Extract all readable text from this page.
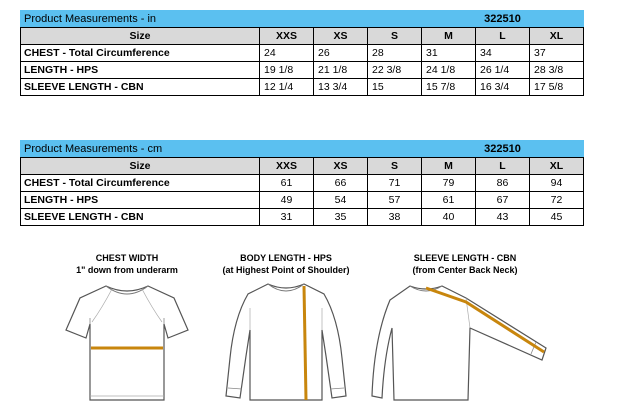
Product Measurements - in				322510		
Size	XXS	XS	S	M	L	XL
CHEST - Total Circumference	24	26	28	31	34	37
LENGTH - HPS	19 1/8	21 1/8	22 3/8	24 1/8	26 1/4	28 3/8
SLEEVE LENGTH - CBN	12 1/4	13 3/4	15	15 7/8	16 3/4	17 5/8
Product Measurements - cm				322510		
Size	XXS	XS	S	M	L	XL
CHEST - Total Circumference	61	66	71	79	86	94
LENGTH - HPS	49	54	57	61	67	72
SLEEVE LENGTH - CBN	31	35	38	40	43	45
CHEST WIDTH
1" down from underarm
BODY LENGTH - HPS
(at Highest Point of Shoulder)
SLEEVE LENGTH - CBN
(from Center Back Neck)
